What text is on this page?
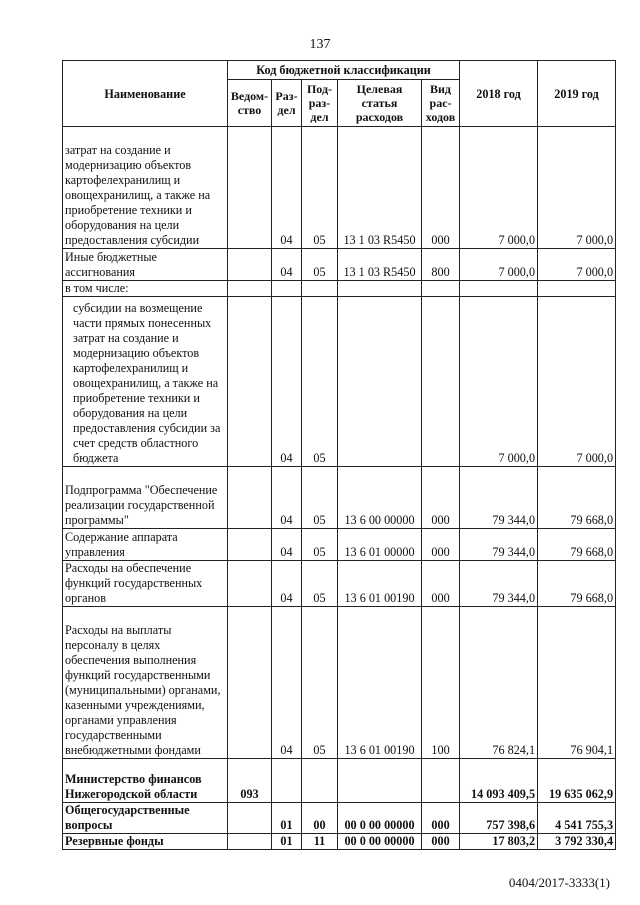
137
Наименование	Код бюджетной классификации					2018 год	2019 год
	Ведом-ство	Раз-дел	Под-раз-дел	Целевая статья расходов	Вид рас-ходов		
затрат на создание и модернизацию объектов картофелехранилищ и овощехранилищ, а также на приобретение техники и оборудования на цели предоставления субсидии		04	05	13 1 03 R5450	000	7 000,0	7 000,0
Иные бюджетные ассигнования		04	05	13 1 03 R5450	800	7 000,0	7 000,0
в том числе:							
субсидии на возмещение части прямых понесенных затрат на создание и модернизацию объектов картофелехранилищ и овощехранилищ, а также на приобретение техники и оборудования на цели предоставления субсидии за счет средств областного бюджета		04	05			7 000,0	7 000,0
Подпрограмма "Обеспечение реализации государственной программы"		04	05	13 6 00 00000	000	79 344,0	79 668,0
Содержание аппарата управления		04	05	13 6 01 00000	000	79 344,0	79 668,0
Расходы на обеспечение функций государственных органов		04	05	13 6 01 00190	000	79 344,0	79 668,0
Расходы на выплаты персоналу в целях обеспечения выполнения функций государственными (муниципальными) органами, казенными учреждениями, органами управления государственными внебюджетными фондами		04	05	13 6 01 00190	100	76 824,1	76 904,1
Министерство финансов Нижегородской области	093					14 093 409,5	19 635 062,9
Общегосударственные вопросы		01	00	00 0 00 00000	000	757 398,6	4 541 755,3
Резервные фонды		01	11	00 0 00 00000	000	17 803,2	3 792 330,4
0404/2017-3333(1)
